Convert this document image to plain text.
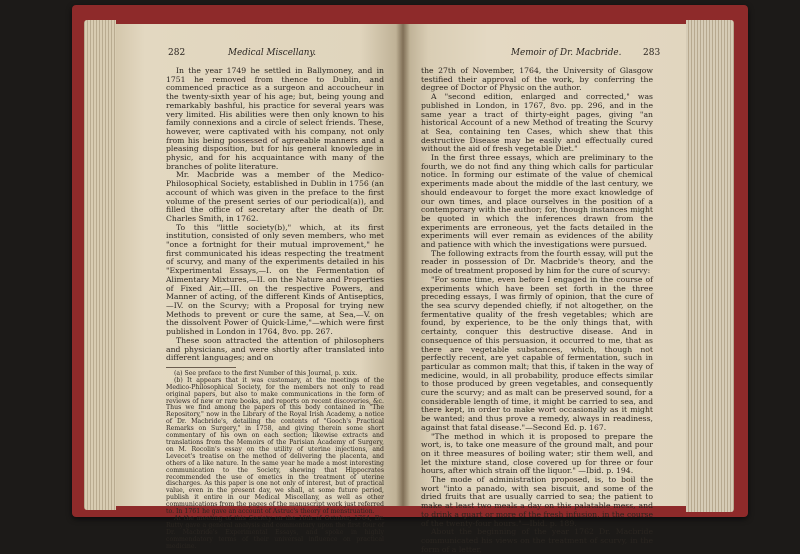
282	Medical Miscellany.

In the year 1749 he settled in Ballymoney, and in 1751 he removed from thence to Dublin, and commenced practice as a surgeon and accoucheur in the twenty-sixth year of his age; but, being young and remarkably bashful, his practice for several years was very limited. His abilities were then only known to his family connexions and a circle of select friends. These, however, were captivated with his company, not only from his being possessed of agreeable manners and a pleasing disposition, but for his general knowledge in physic, and for his acquaintance with many of the branches of polite literature.

Mr. Macbride was a member of the Medico-Philosophical Society, established in Dublin in 1756 (an account of which was given in the preface to the first volume of the present series of our periodical(a)), and filled the office of secretary after the death of Dr. Charles Smith, in 1762.

To this "little society(b)," which, at its first institution, consisted of only seven members, who met "once a fortnight for their mutual improvement," he first communicated his ideas respecting the treatment of scurvy, and many of the experiments detailed in his "Experimental Essays,—I. on the Fermentation of Alimentary Mixtures,—II. on the Nature and Properties of Fixed Air,—III. on the respective Powers, and Manner of acting, of the different Kinds of Antiseptics,—IV. on the Scurvy; with a Proposal for trying new Methods to prevent or cure the same, at Sea,—V. on the dissolvent Power of Quick-Lime,"—which were first published in London in 1764, 8vo. pp. 267.

These soon attracted the attention of philosophers and physicians, and were shortly after translated into different languages; and on

(a) See preface to the first Number of this Journal, p. xxix.

(b) It appears that it was customary, at the meetings of the Medico-Philosophical Society, for the members not only to read original papers, but also to make communications in the form of reviews of new or rare books, and reports on recent discoveries, &c. Thus we find among the papers of this body contained in "The Repository," now in the Library of the Royal Irish Academy, a notice of Dr. Macbride's, detailing the contents of "Gooch's Practical Remarks on Surgery," in 1758, and giving therein some short commentary of his own on each section; likewise extracts and translations from the Memoirs of the Parisian Academy of Surgery, on M. Rocolin's essay on the utility of uterine injections, and Levecet's treatise on the method of delivering the placenta, and others of a like nature. In the same year he made a most interesting communication to the Society, shewing that Hippocrates recommended the use of emetics in the treatment of uterine discharges. As this paper is one not only of interest, but of practical value, even in the present day, we shall, at some future period, publish it entire in our Medical Miscellany, as well as other communications from the pages of the manuscript work just referred to. In 1761 he gave an account of Astruc's theory of menstruation.

At the meeting of this Society on the 16th of October, 1764, Dr. Rutty gave a general analysis and commentary upon the first four of Dr. Macbride's Experimental Essays, and spoke in highly commendatory terms of their universal influence on practical medicine.

Memoir of Dr. Macbride. 283

the 27th of November, 1764, the University of Glasgow testified their approval of the work, by conferring the degree of Doctor of Physic on the author.

A "second edition, enlarged and corrected," was published in London, in 1767, 8vo. pp. 296, and in the same year a tract of thirty-eight pages, giving "an historical Account of a new Method of treating the Scurvy at Sea, containing ten Cases, which shew that this destructive Disease may be easily and effectually cured without the aid of fresh vegetable Diet."

In the first three essays, which are preliminary to the fourth, we do not find any thing which calls for particular notice. In forming our estimate of the value of chemical experiments made about the middle of the last century, we should endeavour to forget the more exact knowledge of our own times, and place ourselves in the position of a contemporary with the author; for, though instances might be quoted in which the inferences drawn from the experiments are erroneous, yet the facts detailed in the experiments will ever remain as evidences of the ability and patience with which the investigations were pursued.

The following extracts from the fourth essay, will put the reader in possession of Dr. Macbride's theory, and the mode of treatment proposed by him for the cure of scurvy:

"For some time, even before I engaged in the course of experiments which have been set forth in the three preceding essays, I was firmly of opinion, that the cure of the sea scurvy depended chiefly, if not altogether, on the fermentative quality of the fresh vegetables; which are found, by experience, to be the only things that, with certainty, conquer this destructive disease. And in consequence of this persuasion, it occurred to me, that as there are vegetable substances, which, though not perfectly recent, are yet capable of fermentation, such in particular as common malt; that this, if taken in the way of medicine, would, in all probability, produce effects similar to those produced by green vegetables, and consequently cure the scurvy; and as malt can be preserved sound, for a considerable length of time, it might be carried to sea, and there kept, in order to make wort occasionally as it might be wanted; and thus prove a remedy, always in readiness, against that fatal disease."—Second Ed. p. 167.

"The method in which it is proposed to prepare the wort, is, to take one measure of the ground malt, and pour on it three measures of boiling water; stir them well, and let the mixture stand, close covered up for three or four hours, after which strain off the liquor." —Ibid. p. 194.

The mode of administration proposed, is, to boil the wort "into a panado, with sea biscuit, and some of the dried fruits that are usually carried to sea; the patient to make at least two meals a day on this palatable mess, and to drink a quart or more of the fresh infusion, in the course of the twenty-four hours."—Ibid. p. 189.

About the beginning of the year 1762 Dr. Macbride communicated his views on the treatment of scurvy, in the form of a letter,
